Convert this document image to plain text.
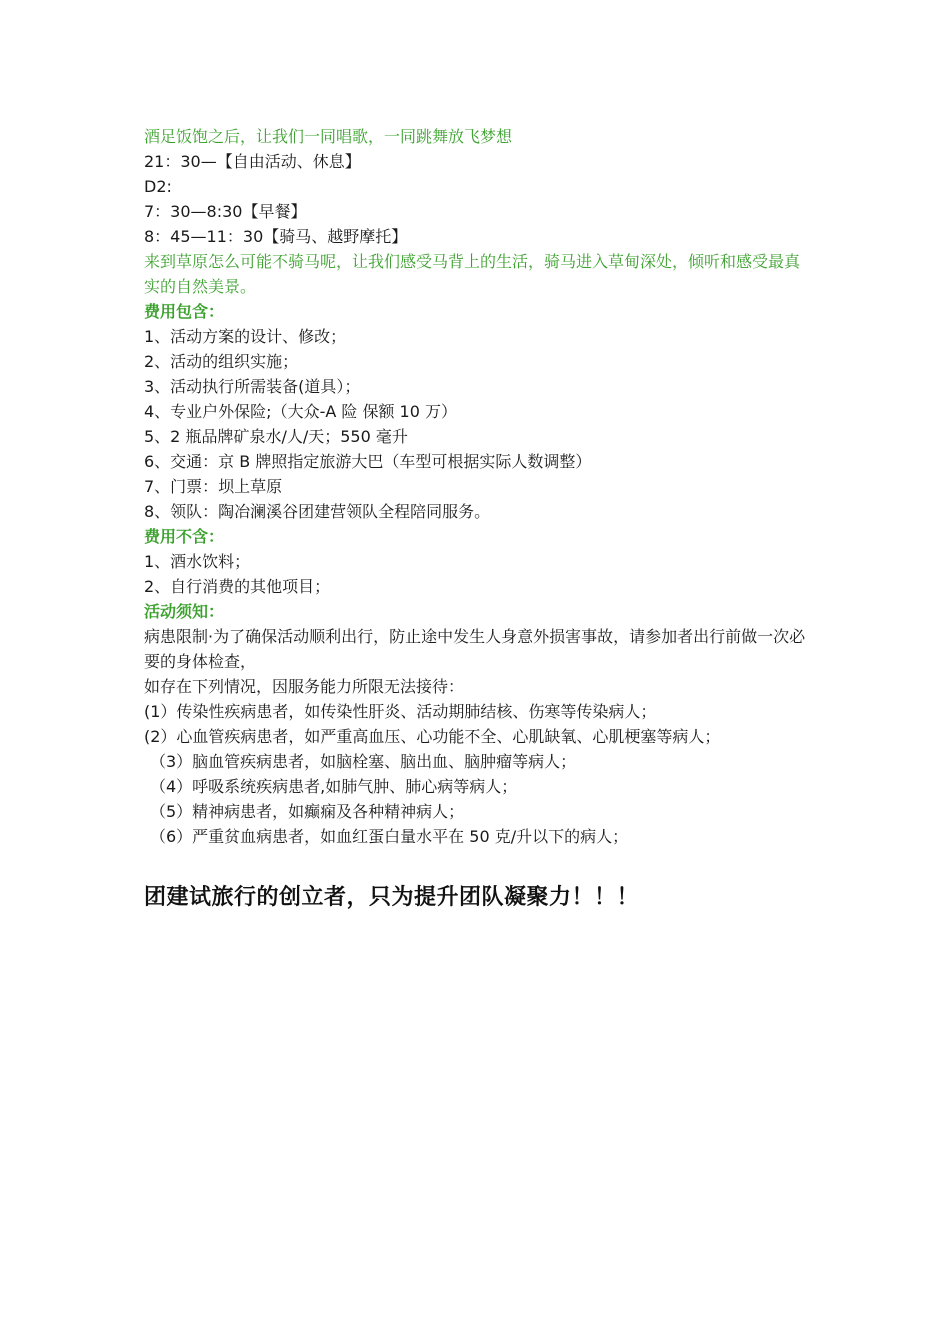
酒足饭饱之后，让我们一同唱歌，一同跳舞放飞梦想

21：30—【自由活动、休息】

D2:

7：30—8:30【早餐】

8：45—11：30【骑马、越野摩托】

来到草原怎么可能不骑马呢，让我们感受马背上的生活，骑马进入草甸深处，倾听和感受最真实的自然美景。

费用包含：

1、活动方案的设计、修改；

2、活动的组织实施；

3、活动执行所需装备(道具）；

4、专业户外保险;（大众-A 险 保额 10 万）

5、2 瓶品牌矿泉水/人/天；550 毫升

6、交通：京 B 牌照指定旅游大巴（车型可根据实际人数调整）

7、门票：坝上草原

8、领队：陶冶澜溪谷团建营领队全程陪同服务。

费用不含：

1、酒水饮料；

2、自行消费的其他项目；

活动须知：

病患限制·为了确保活动顺利出行，防止途中发生人身意外损害事故，请参加者出行前做一次必要的身体检查，

如存在下列情况，因服务能力所限无法接待：

(1）传染性疾病患者，如传染性肝炎、活动期肺结核、伤寒等传染病人；

(2）心血管疾病患者，如严重高血压、心功能不全、心肌缺氧、心肌梗塞等病人；

（3）脑血管疾病患者，如脑栓塞、脑出血、脑肿瘤等病人；

（4）呼吸系统疾病患者,如肺气肿、肺心病等病人；

（5）精神病患者，如癫痫及各种精神病人；

（6）严重贫血病患者，如血红蛋白量水平在 50 克/升以下的病人；

团建试旅行的创立者，只为提升团队凝聚力！！！
